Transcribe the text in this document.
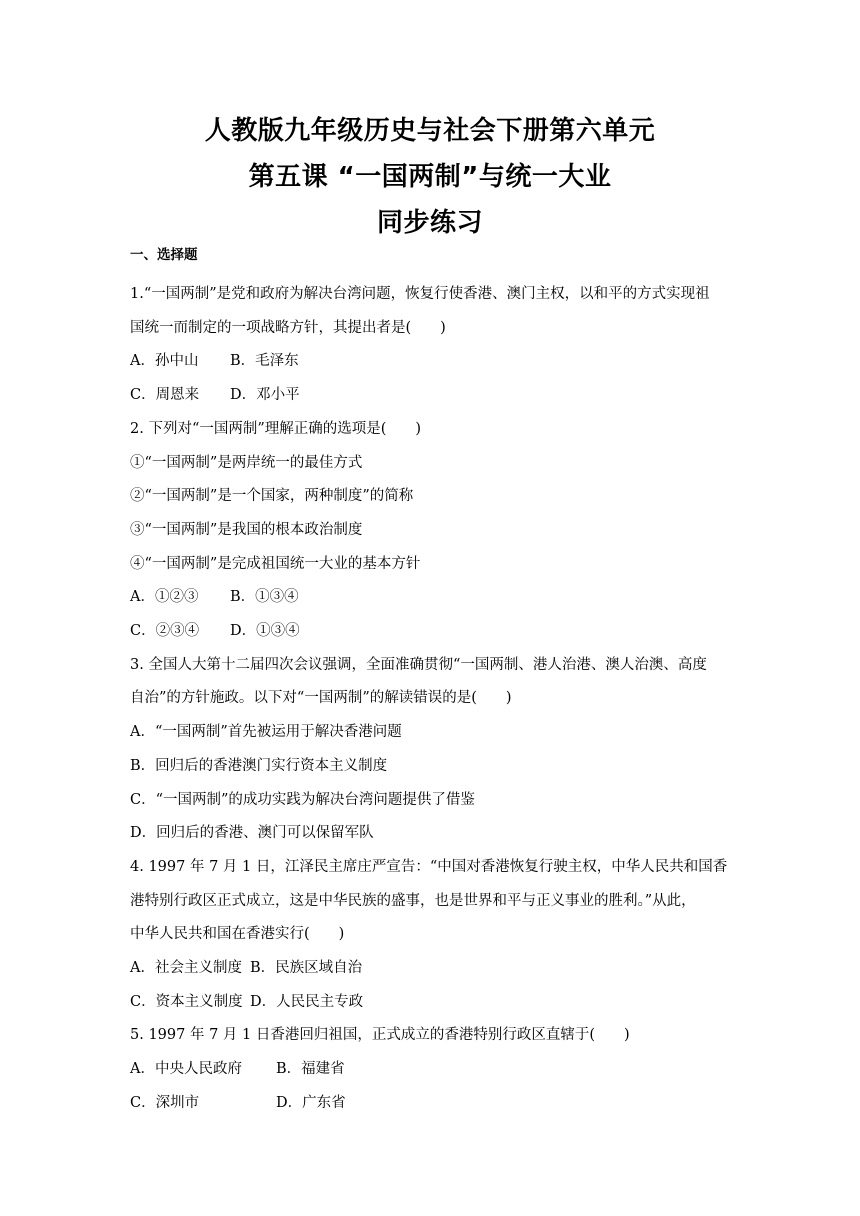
人教版九年级历史与社会下册第六单元
第五课 “一国两制”与统一大业
同步练习
一、选择题
1.“一国两制”是党和政府为解决台湾问题，恢复行使香港、澳门主权，以和平的方式实现祖
国统一而制定的一项战略方针，其提出者是(　　)
A．孙中山 B．毛泽东
C．周恩来 D．邓小平
2. 下列对“一国两制”理解正确的选项是(　　)
①“一国两制”是两岸统一的最佳方式
②“一国两制”是一个国家，两种制度”的简称
③“一国两制”是我国的根本政治制度
④“一国两制”是完成祖国统一大业的基本方针
A．①②③ B．①③④
C．②③④ D．①③④
3. 全国人大第十二届四次会议强调，全面准确贯彻“一国两制、港人治港、澳人治澳、高度
自治”的方针施政。以下对“一国两制”的解读错误的是(　　)
A．“一国两制”首先被运用于解决香港问题
B．回归后的香港澳门实行资本主义制度
C．“一国两制”的成功实践为解决台湾问题提供了借鉴
D．回归后的香港、澳门可以保留军队
4. 1997 年 7 月 1 日，江泽民主席庄严宣告：“中国对香港恢复行驶主权，中华人民共和国香
港特别行政区正式成立，这是中华民族的盛事，也是世界和平与正义事业的胜利。”从此，
中华人民共和国在香港实行(　　)
A．社会主义制度 B．民族区域自治
C．资本主义制度 D．人民民主专政
5. 1997 年 7 月 1 日香港回归祖国，正式成立的香港特别行政区直辖于(　　)
A．中央人民政府 B．福建省
C．深圳市	D．广东省
